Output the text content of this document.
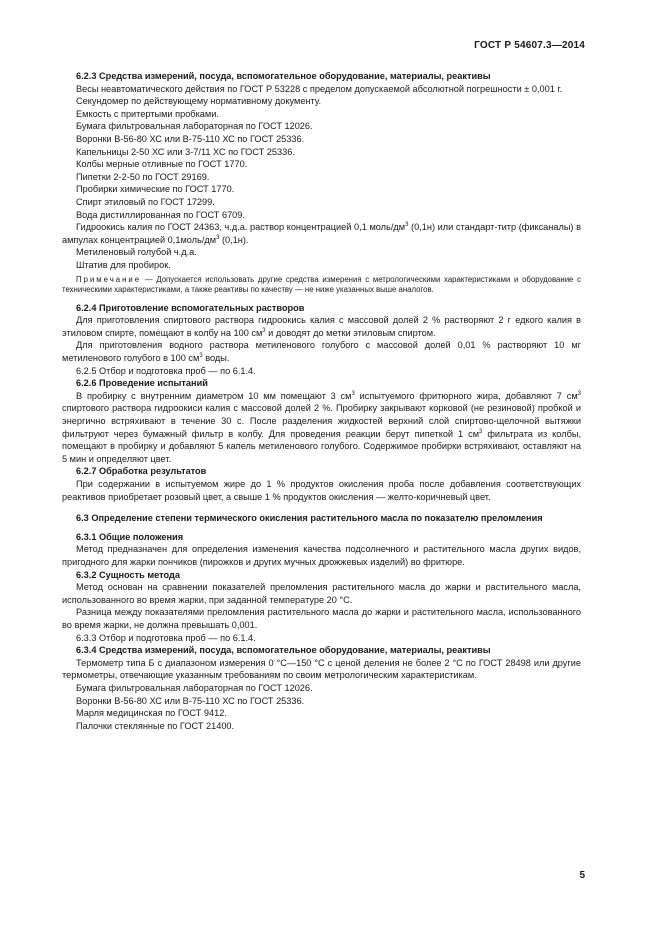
ГОСТ Р 54607.3—2014

6.2.3 Средства измерений, посуда, вспомогательное оборудование, материалы, реактивы

Весы неавтоматического действия по ГОСТ Р 53228 с пределом допускаемой абсолютной погрешности ± 0,001 г.

Секундомер по действующему нормативному документу.

Емкость с притертыми пробками.

Бумага фильтровальная лабораторная по ГОСТ 12026.

Воронки В-56-80 ХС или В-75-110 ХС по ГОСТ 25336.

Капельницы 2-50 ХС или 3-7/11 ХС по ГОСТ 25336.

Колбы мерные отливные по ГОСТ 1770.

Пипетки 2-2-50 по ГОСТ 29169.

Пробирки химические по ГОСТ 1770.

Спирт этиловый по ГОСТ 17299.

Вода дистиллированная по ГОСТ 6709.

Гидроокись калия по ГОСТ 24363, ч.д.а. раствор концентрацией 0,1 моль/$дм^3$ (0,1н) или стандарт-титр (фиксаналы) в ампулах концентрацией $0,1моль/дм^3$ (0,1н).

Метиленовый голубой ч.д.а.

Штатив для пробирок.

Примечание — Допускается использовать другие средства измерения с метрологическими характеристиками и оборудование с техническими характеристиками, а также реактивы по качеству — не ниже указанных выше аналогов.

6.2.4 Приготовление вспомогательных растворов

Для приготовления спиртового раствора гидроокись калия с массовой долей 2 % растворяют 2 г едкого калия в этиловом спирте, помещают в колбу на 100 $см^3$ и доводят до метки этиловым спиртом.

Для приготовления водного раствора метиленового голубого с массовой долей 0,01 % растворяют 10 мг метиленового голубого в 100 $см^3$ воды.

6.2.5 Отбор и подготовка проб — по 6.1.4.

6.2.6 Проведение испытаний

В пробирку с внутренним диаметром 10 мм помещают 3 $см^3$ испытуемого фритюрного жира, добавляют 7 $см^3$ спиртового раствора гидроокиси калия с массовой долей 2 %. Пробирку закрывают корковой (не резиновой) пробкой и энергично встряхивают в течение 30 с. После разделения жидкостей верхний слой спиртово-щелочной вытяжки фильтруют через бумажный фильтр в колбу. Для проведения реакции берут пипеткой 1 $см^3$ фильтрата из колбы, помещают в пробирку и добавляют 5 капель метиленового голубого. Содержимое пробирки встряхивают, оставляют на 5 мин и определяют цвет.

6.2.7 Обработка результатов

При содержании в испытуемом жире до 1 % продуктов окисления проба после добавления соответствующих реактивов приобретает розовый цвет, а свыше 1 % продуктов окисления — желто-коричневый цвет.

6.3 Определение степени термического окисления растительного масла по показателю преломления

6.3.1 Общие положения

Метод предназначен для определения изменения качества подсолнечного и растительного масла других видов, пригодного для жарки пончиков (пирожков и других мучных дрожжевых изделий) во фритюре.

6.3.2 Сущность метода

Метод основан на сравнении показателей преломления растительного масла до жарки и растительного масла, использованного во время жарки, при заданной температуре 20 °С.

Разница между показателями преломления растительного масла до жарки и растительного масла, использованного во время жарки, не должна превышать 0,001.

6.3.3 Отбор и подготовка проб — по 6.1.4.

6.3.4 Средства измерений, посуда, вспомогательное оборудование, материалы, реактивы

Термометр типа Б с диапазоном измерения 0 °С—150 °С с ценой деления не более 2 °С по ГОСТ 28498 или другие термометры, отвечающие указанным требованиям по своим метрологическим характеристикам.

Бумага фильтровальная лабораторная по ГОСТ 12026.

Воронки В-56-80 ХС или В-75-110 ХС по ГОСТ 25336.

Марля медицинская по ГОСТ 9412.

Палочки стеклянные по ГОСТ 21400.

5
